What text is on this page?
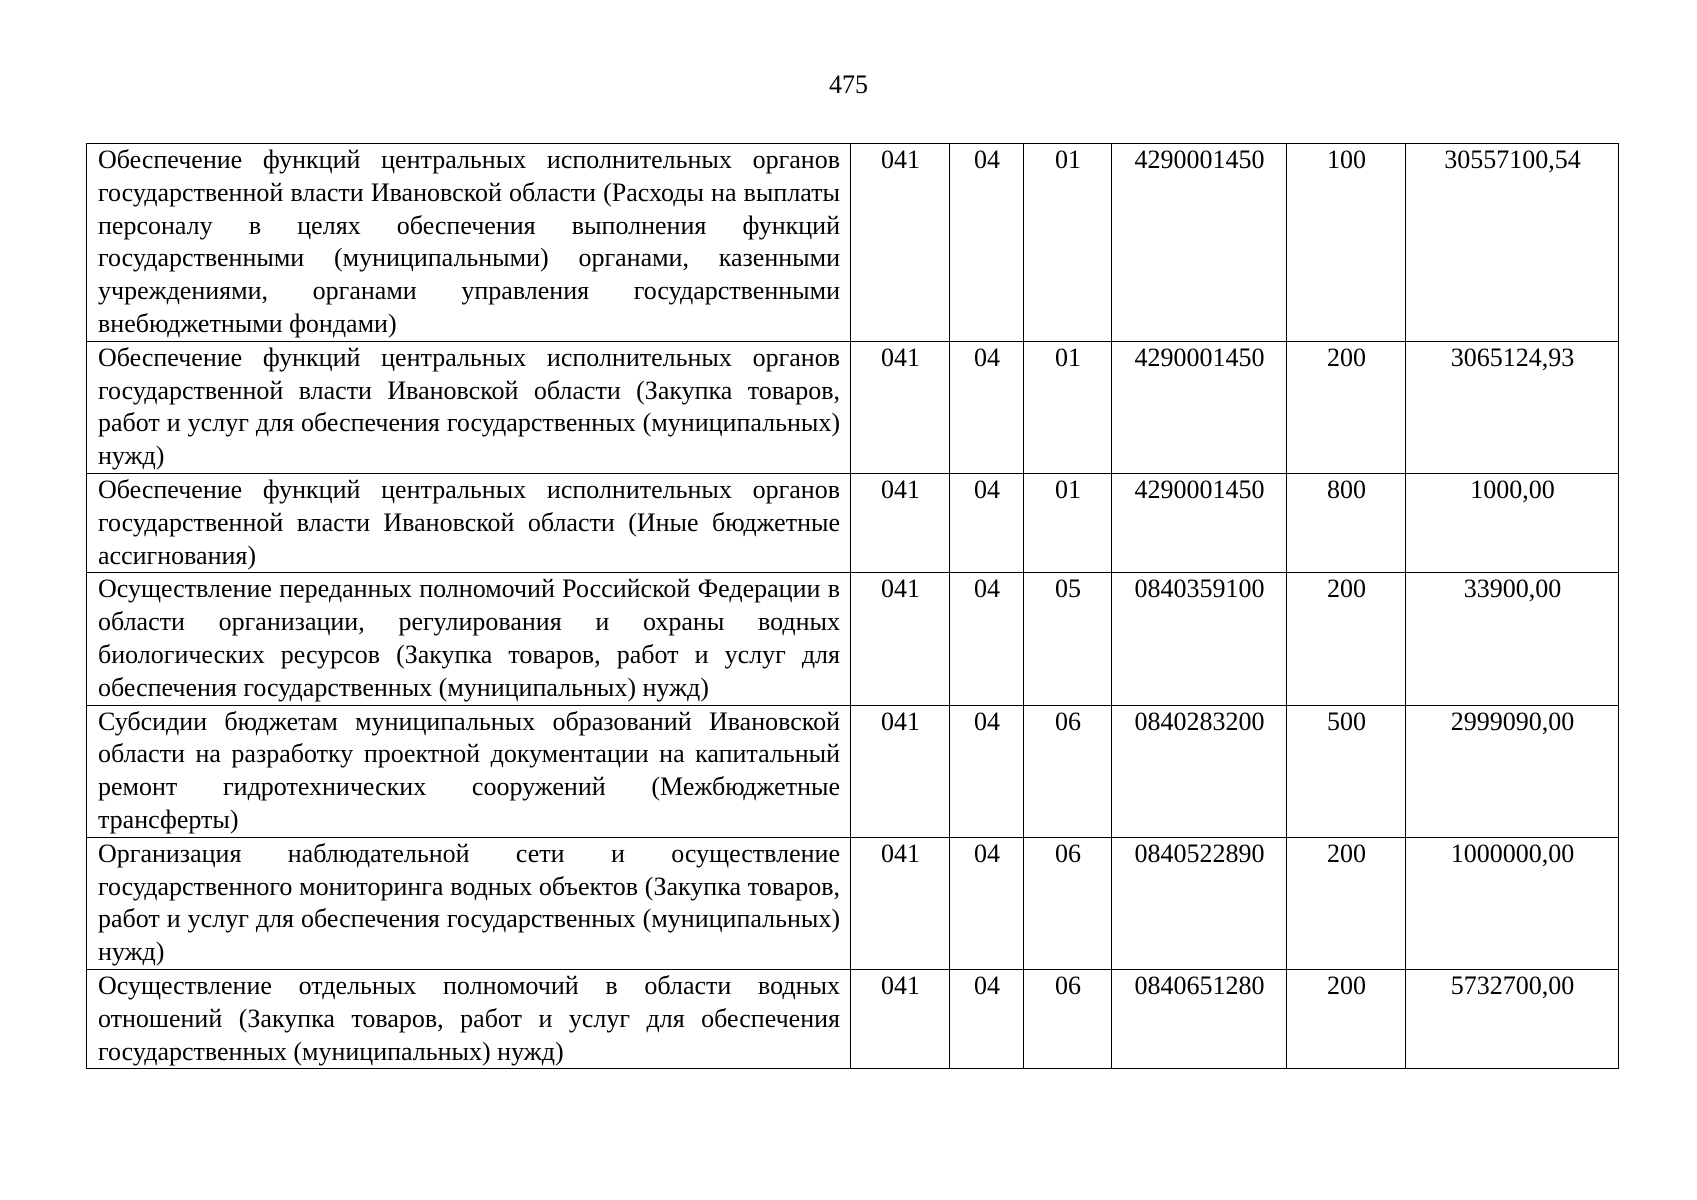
475
Обеспечение функций центральных исполнительных органов государственной власти Ивановской области (Расходы на выплаты персоналу в целях обеспечения выполнения функций государственными (муниципальными) органами, казенными учреждениями, органами управления государственными внебюджетными фондами)	041	04	01	4290001450	100	30557100,54
Обеспечение функций центральных исполнительных органов государственной власти Ивановской области (Закупка товаров, работ и услуг для обеспечения государственных (муниципальных) нужд)	041	04	01	4290001450	200	3065124,93
Обеспечение функций центральных исполнительных органов государственной власти Ивановской области (Иные бюджетные ассигнования)	041	04	01	4290001450	800	1000,00
Осуществление переданных полномочий Российской Федерации в области организации, регулирования и охраны водных биологических ресурсов (Закупка товаров, работ и услуг для обеспечения государственных (муниципальных) нужд)	041	04	05	0840359100	200	33900,00
Субсидии бюджетам муниципальных образований Ивановской области на разработку проектной документации на капитальный ремонт гидротехнических сооружений (Межбюджетные трансферты)	041	04	06	0840283200	500	2999090,00
Организация наблюдательной сети и осуществление государственного мониторинга водных объектов (Закупка товаров, работ и услуг для обеспечения государственных (муниципальных) нужд)	041	04	06	0840522890	200	1000000,00
Осуществление отдельных полномочий в области водных отношений (Закупка товаров, работ и услуг для обеспечения государственных (муниципальных) нужд)	041	04	06	0840651280	200	5732700,00
